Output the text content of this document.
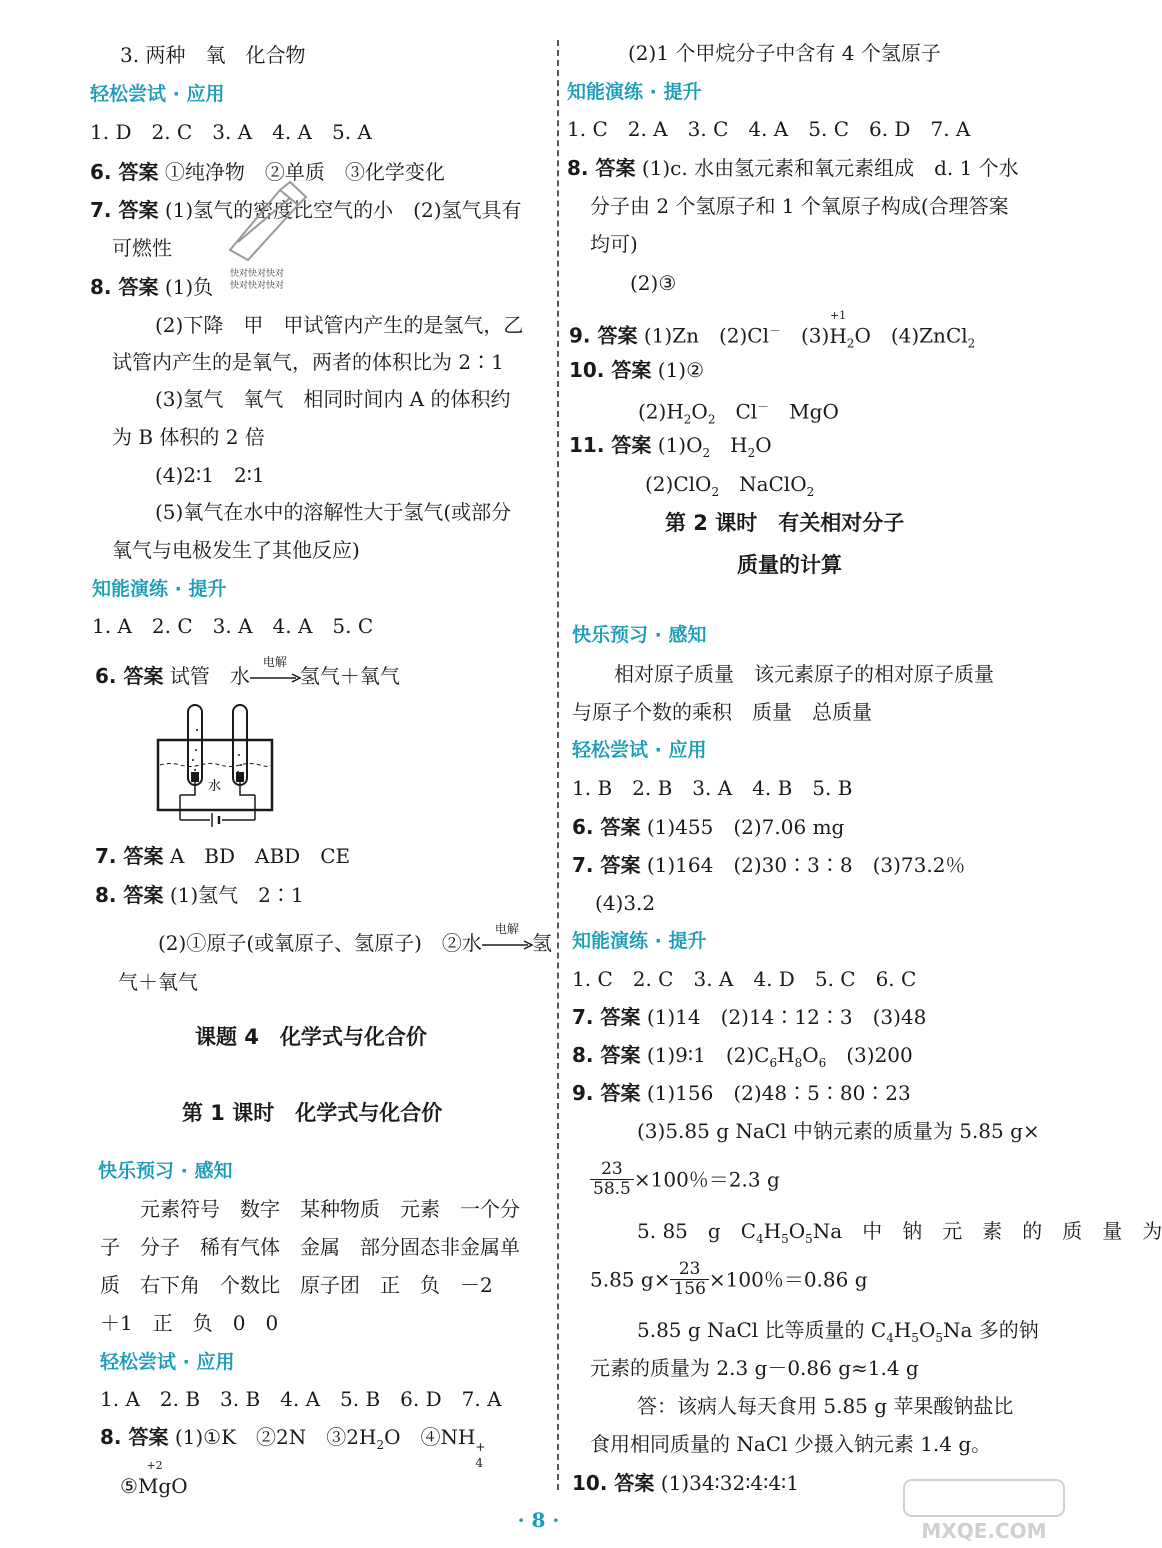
3. 两种　氧　化合物
轻松尝试 · 应用
1. D　2. C　3. A　4. A　5. A
6. 答案 ①纯净物　②单质　③化学变化
7. 答案 (1)氢气的密度比空气的小　(2)氢气具有
可燃性
8. 答案 (1)负
快对快对快对
快对快对快对
(2)下降　甲　甲试管内产生的是氢气，乙
试管内产生的是氧气，两者的体积比为 2∶1
(3)氢气　氧气　相同时间内 A 的体积约
为 B 体积的 2 倍
(4)2∶1　2∶1
(5)氧气在水中的溶解性大于氢气(或部分
氧气与电极发生了其他反应)
知能演练 · 提升
1. A　2. C　3. A　4. A　5. C
6. 答案 试管　水
电解
氢气＋氧气
水
7. 答案 A　BD　ABD　CE
8. 答案 (1)氢气　2∶1
(2)①原子(或氧原子、氢原子)　②水
电解
氢
气＋氧气
课题 4　化学式与化合价
第 1 课时　化学式与化合价
快乐预习 · 感知
元素符号　数字　某种物质　元素　一个分
子　分子　稀有气体　金属　部分固态非金属单
质　右下角　个数比　原子团　正　负　－2
＋1　正　负　0　0
轻松尝试 · 应用
1. A　2. B　3. B　4. A　5. B　6. D　7. A
8. 答案 (1)①K　②2N　$③2H_2O$　④NH +
4
⑤
+2
MgO
(2)1 个甲烷分子中含有 4 个氢原子
知能演练 · 提升
1. C　2. A　3. C　4. A　5. C　6. D　7. A
8. 答案 (1)c. 水由氢元素和氧元素组成　d. 1 个水
分子由 2 个氢原子和 1 个氧原子构成(合理答案
均可)
(2)③
9. 答案 (1)Zn　(2)Cl－　(3)
+1
$H_2O$　(4)ZnCl$_2$
10. 答案 (1)②
$(2)H_2O_2$　Cl－　MgO
11. 答案 $(1)O_2$　$H_2O$
(2)ClO$_2$　NaClO$_2$
第 2 课时　有关相对分子
质量的计算
快乐预习 · 感知
相对原子质量　该元素原子的相对原子质量
与原子个数的乘积　质量　总质量
轻松尝试 · 应用
1. B　2. B　3. A　4. B　5. B
6. 答案 (1)455　(2)7.06 mg
7. 答案 (1)164　(2)30∶3∶8　(3)73.2％
(4)3.2
知能演练 · 提升
1. C　2. C　3. A　4. D　5. C　6. C
7. 答案 (1)14　(2)14∶12∶3　(3)48
8. 答案 (1)9∶1　$(2)C_6H_8O_6$　(3)200
9. 答案 (1)156　(2)48∶5∶80∶23
(3)5.85 g NaCl 中钠元素的质量为 5.85 g×
$\frac{23}{58.5} \times 100$％＝2.3 g
5. 85　g　$C_4H_5O_5Na$　中　钠　元　素　的　质　量　为
5.85 $g\times \frac{23}{156} \times 100$％＝0.86 g
5.85 g NaCl 比等质量的 $C_4H_5O_5Na$ 多的钠
元素的质量为 2.3 g－0.86 g≈1.4 g
答：该病人每天食用 5.85 g 苹果酸钠盐比
食用相同质量的 NaCl 少摄入钠元素 1.4 g。
10. 答案 (1)34∶32∶4∶4∶1
· 8 ·	MXQE.COM
